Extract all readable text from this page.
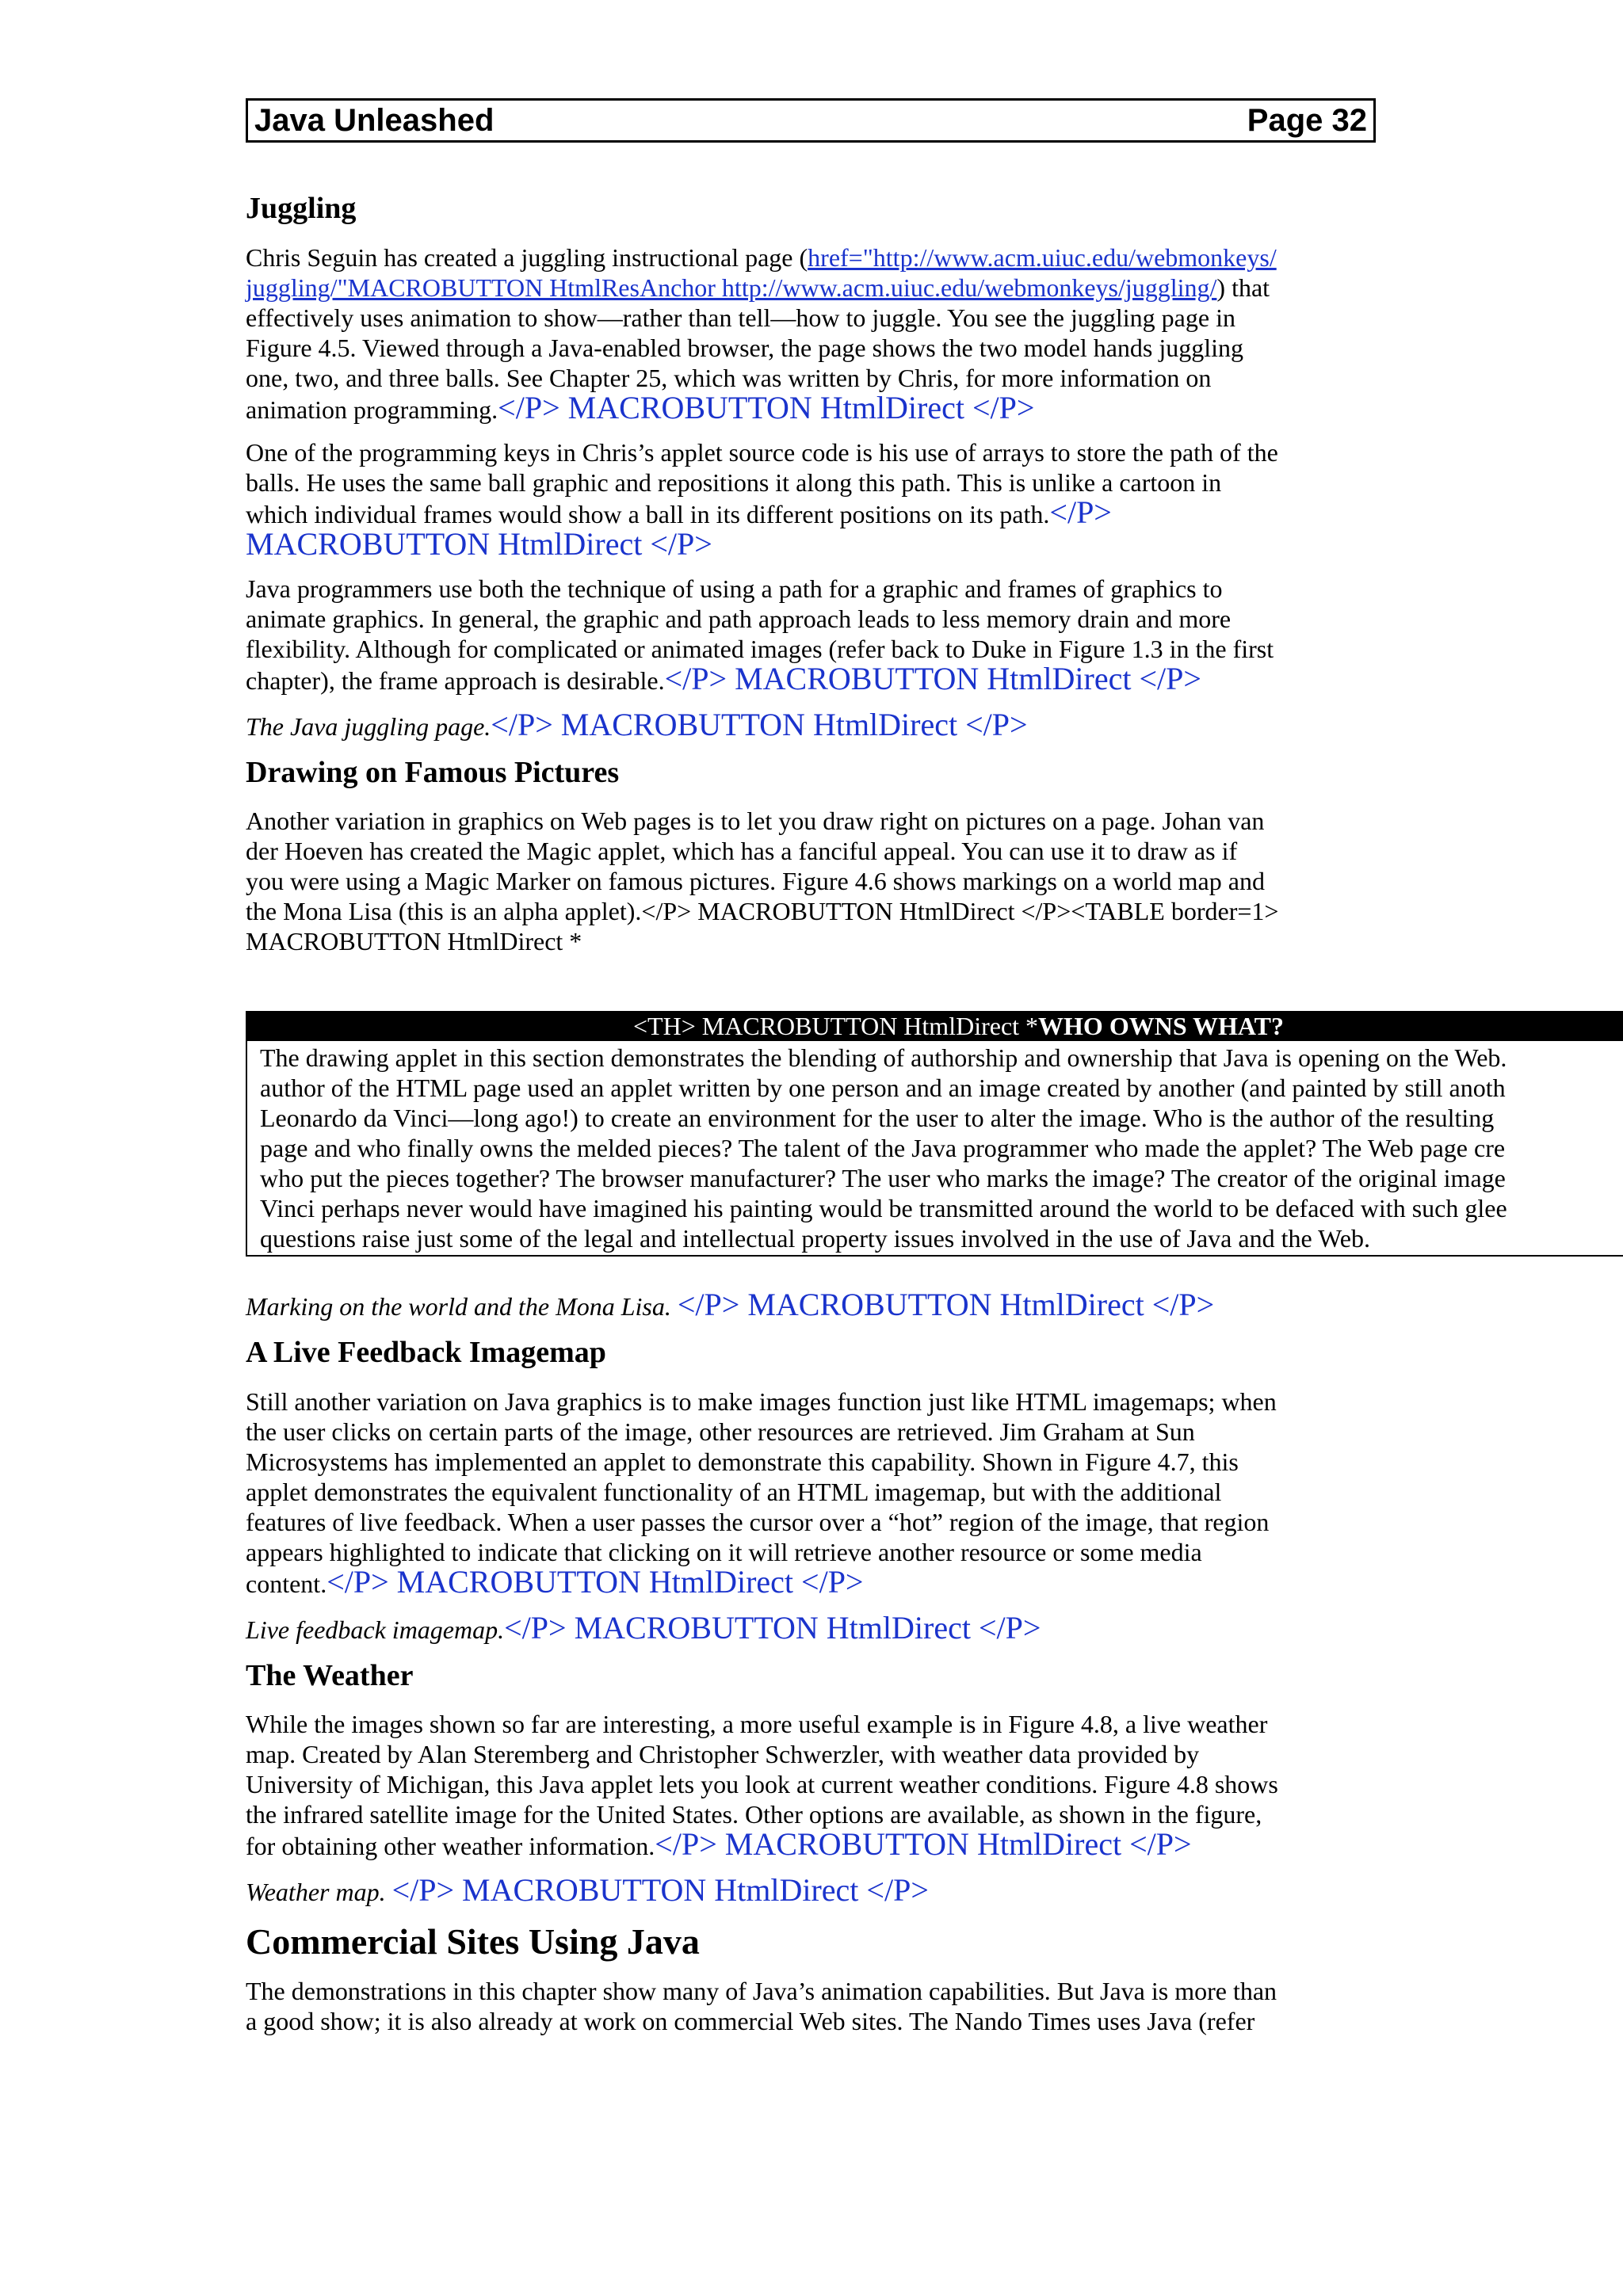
Java Unleashed	Page 32
Juggling

Chris Seguin has created a juggling instructional page (href="http://www.acm.uiuc.edu/webmonkeys/
juggling/"MACROBUTTON HtmlResAnchor http://www.acm.uiuc.edu/webmonkeys/juggling/) that
effectively uses animation to show—rather than tell—how to juggle. You see the juggling page in
Figure 4.5. Viewed through a Java-enabled browser, the page shows the two model hands juggling
one, two, and three balls. See Chapter 25, which was written by Chris, for more information on
animation programming.</P> MACROBUTTON HtmlDirect </P>

One of the programming keys in Chris’s applet source code is his use of arrays to store the path of the
balls. He uses the same ball graphic and repositions it along this path. This is unlike a cartoon in
which individual frames would show a ball in its different positions on its path.</P>
MACROBUTTON HtmlDirect </P>

Java programmers use both the technique of using a path for a graphic and frames of graphics to
animate graphics. In general, the graphic and path approach leads to less memory drain and more
flexibility. Although for complicated or animated images (refer back to Duke in Figure 1.3 in the first
chapter), the frame approach is desirable.</P> MACROBUTTON HtmlDirect </P>

The Java juggling page.</P> MACROBUTTON HtmlDirect </P>

Drawing on Famous Pictures

Another variation in graphics on Web pages is to let you draw right on pictures on a page. Johan van
der Hoeven has created the Magic applet, which has a fanciful appeal. You can use it to draw as if
you were using a Magic Marker on famous pictures. Figure 4.6 shows markings on a world map and
the Mona Lisa (this is an alpha applet).</P> MACROBUTTON HtmlDirect </P><TABLE border=1>
MACROBUTTON HtmlDirect *

<TH> MACROBUTTON HtmlDirect *WHO OWNS WHAT?
The drawing applet in this section demonstrates the blending of authorship and ownership that Java is opening on the Web.
author of the HTML page used an applet written by one person and an image created by another (and painted by still anoth
Leonardo da Vinci—long ago!) to create an environment for the user to alter the image. Who is the author of the resulting
page and who finally owns the melded pieces? The talent of the Java programmer who made the applet? The Web page cre
who put the pieces together? The browser manufacturer? The user who marks the image? The creator of the original image
Vinci perhaps never would have imagined his painting would be transmitted around the world to be defaced with such glee
questions raise just some of the legal and intellectual property issues involved in the use of Java and the Web.

Marking on the world and the Mona Lisa. </P> MACROBUTTON HtmlDirect </P>

A Live Feedback Imagemap

Still another variation on Java graphics is to make images function just like HTML imagemaps; when
the user clicks on certain parts of the image, other resources are retrieved. Jim Graham at Sun
Microsystems has implemented an applet to demonstrate this capability. Shown in Figure 4.7, this
applet demonstrates the equivalent functionality of an HTML imagemap, but with the additional
features of live feedback. When a user passes the cursor over a “hot” region of the image, that region
appears highlighted to indicate that clicking on it will retrieve another resource or some media
content.</P> MACROBUTTON HtmlDirect </P>

Live feedback imagemap.</P> MACROBUTTON HtmlDirect </P>

The Weather

While the images shown so far are interesting, a more useful example is in Figure 4.8, a live weather
map. Created by Alan Steremberg and Christopher Schwerzler, with weather data provided by
University of Michigan, this Java applet lets you look at current weather conditions. Figure 4.8 shows
the infrared satellite image for the United States. Other options are available, as shown in the figure,
for obtaining other weather information.</P> MACROBUTTON HtmlDirect </P>

Weather map. </P> MACROBUTTON HtmlDirect </P>

Commercial Sites Using Java

The demonstrations in this chapter show many of Java’s animation capabilities. But Java is more than
a good show; it is also already at work on commercial Web sites. The Nando Times uses Java (refer
